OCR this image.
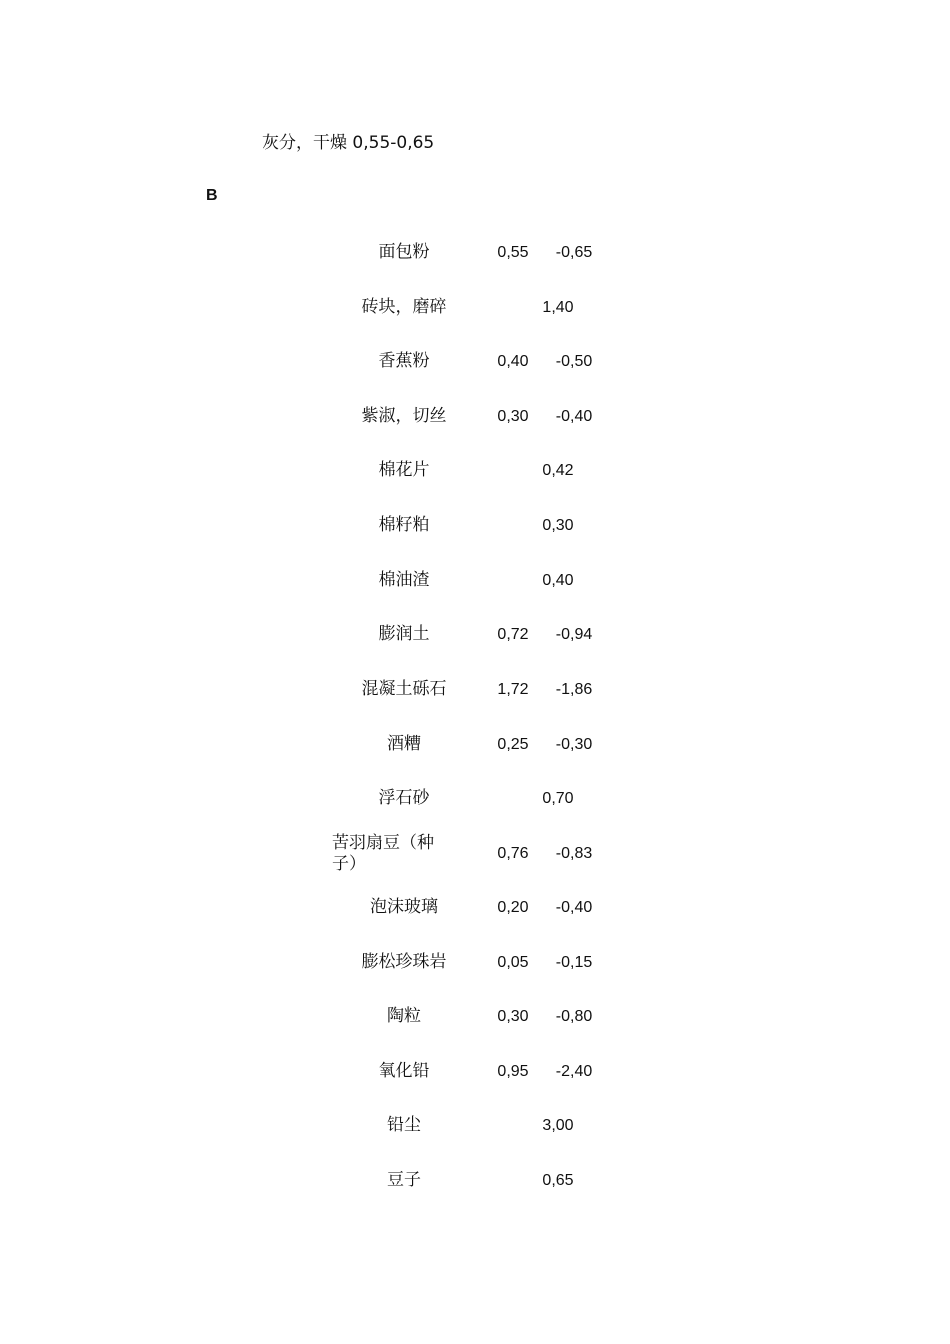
灰分，干燥 0,55-0,65
B
面包粉	0,55	-0,65
砖块，磨碎	1,40
香蕉粉	0,40	-0,50
紫淑，切丝	0,30	-0,40
棉花片	0,42
棉籽粕	0,30
棉油渣	0,40
膨润土	0,72	-0,94
混凝土砾石	1,72	-1,86
酒糟	0,25	-0,30
浮石砂	0,70
苦羽扇豆（种
子）
0,76	-0,83
泡沫玻璃	0,20	-0,40
膨松珍珠岩	0,05	-0,15
陶粒	0,30	-0,80
氧化铅	0,95	-2,40
铅尘	3,00
豆子	0,65
